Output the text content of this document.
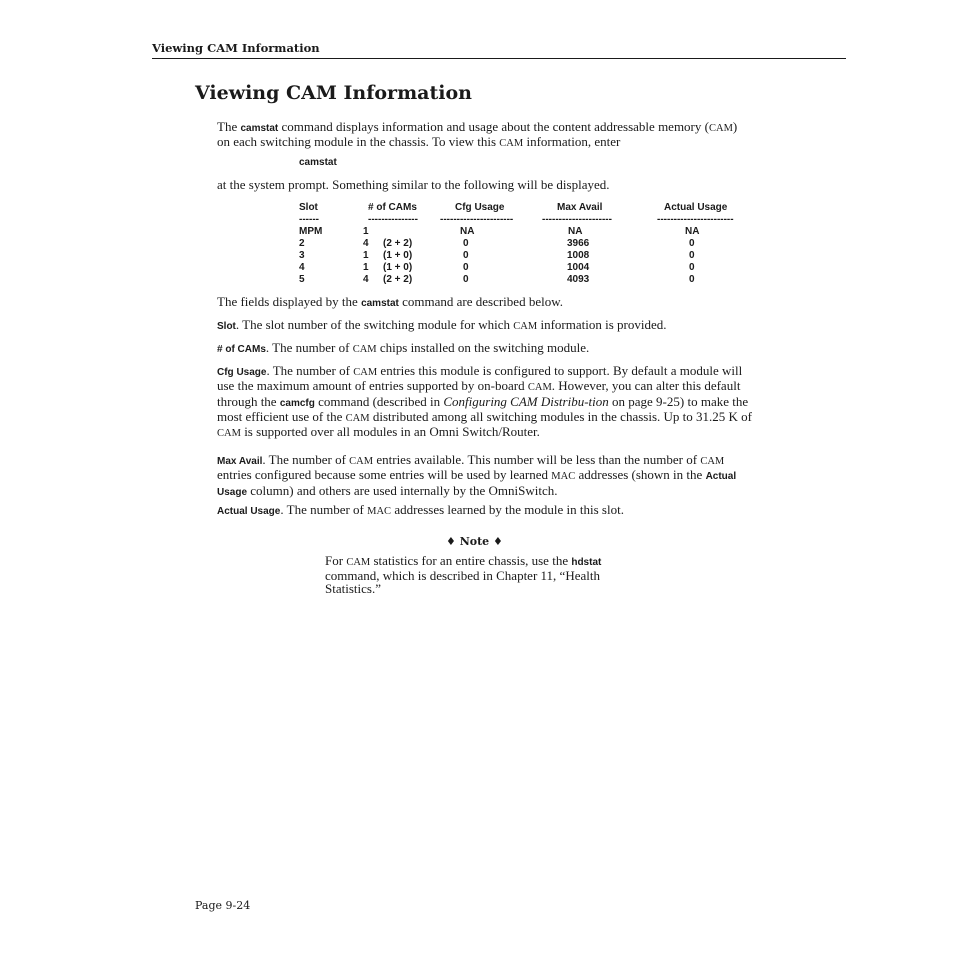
Viewing CAM Information
Viewing CAM Information

The camstat command displays information and usage about the content addressable memory (CAM) on each switching module in the chassis. To view this CAM information, enter

camstat

at the system prompt. Something similar to the following will be displayed.

Slot	# of CAMs	Cfg Usage	Max Avail	Actual Usage
------	--------------- ----------------------	---------------------	-----------------------
MPM	1	NA	NA	NA
2	4 (2 + 2)	0	3966	0
3	1 (1 + 0)	0	1008	0
4	1 (1 + 0)	0	1004	0
5	4 (2 + 2)	0	4093	0

The fields displayed by the camstat command are described below.

Slot. The slot number of the switching module for which CAM information is provided.

# of CAMs. The number of CAM chips installed on the switching module.

Cfg Usage. The number of CAM entries this module is configured to support. By default a module will use the maximum amount of entries supported by on-board CAM. However, you can alter this default through the camcfg command (described in Configuring CAM Distribu-tion on page 9-25) to make the most efficient use of the CAM distributed among all switching modules in the chassis. Up to 31.25 K of CAM is supported over all modules in an Omni Switch/Router.

Max Avail. The number of CAM entries available. This number will be less than the number of CAM entries configured because some entries will be used by learned MAC addresses (shown in the Actual Usage column) and others are used internally by the OmniSwitch.

Actual Usage. The number of MAC addresses learned by the module in this slot.

♦ Note ♦

For CAM statistics for an entire chassis, use the hdstat command, which is described in Chapter 11, “Health Statistics.”

Page 9-24
